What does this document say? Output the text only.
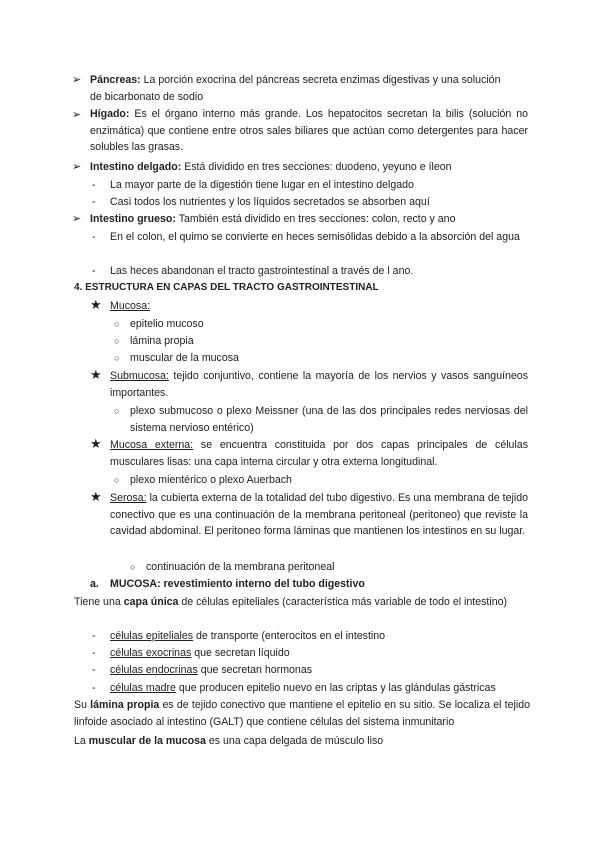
➢ Páncreas: La porción exocrina del páncreas secreta enzimas digestivas y una solución
de bicarbonato de sodio
➢ Hígado: Es el órgano interno más grande. Los hepatocitos secretan la bilis (solución no enzimática) que contiene entre otros sales biliares que actúan como detergentes para hacer solubles las grasas.
➢ Intestino delgado: Está dividido en tres secciones: duodeno, yeyuno e íleon
- La mayor parte de la digestión tiene lugar en el intestino delgado
- Casi todos los nutrientes y los líquidos secretados se absorben aquí
➢ Intestino grueso: También está dividido en tres secciones: colon, recto y ano
- En el colon, el quimo se convierte en heces semisólidas debido a la absorción del agua
- Las heces abandonan el tracto gastrointestinal a través de l ano.
4. ESTRUCTURA EN CAPAS DEL TRACTO GASTROINTESTINAL
★ Mucosa:
○ epitelio mucoso
○ lámina propia
○ muscular de la mucosa
★ Submucosa: tejido conjuntivo, contiene la mayoría de los nervios y vasos sanguíneos importantes.
○ plexo submucoso o plexo Meissner (una de las dos principales redes nerviosas del sistema nervioso entérico)
★ Mucosa externa: se encuentra constituida por dos capas principales de células musculares lisas: una capa interna circular y otra externa longitudinal.
○ plexo mientérico o plexo Auerbach
★ Serosa: la cubierta externa de la totalidad del tubo digestivo. Es una membrana de tejido conectivo que es una continuación de la membrana peritoneal (peritoneo) que reviste la cavidad abdominal. El peritoneo forma láminas que mantienen los intestinos en su lugar.
○ continuación de la membrana peritoneal
a. MUCOSA: revestimiento interno del tubo digestivo
Tiene una capa única de células epiteliales (característica más variable de todo el intestino)
- células epiteliales de transporte (enterocitos en el intestino
- células exocrinas que secretan líquido
- células endocrinas que secretan hormonas
- células madre que producen epitelio nuevo en las criptas y las glándulas gástricas
Su lámina propia es de tejido conectivo que mantiene el epitelio en su sitio. Se localiza el tejido linfoide asociado al intestino (GALT) que contiene células del sistema inmunitario
La muscular de la mucosa es una capa delgada de músculo liso
